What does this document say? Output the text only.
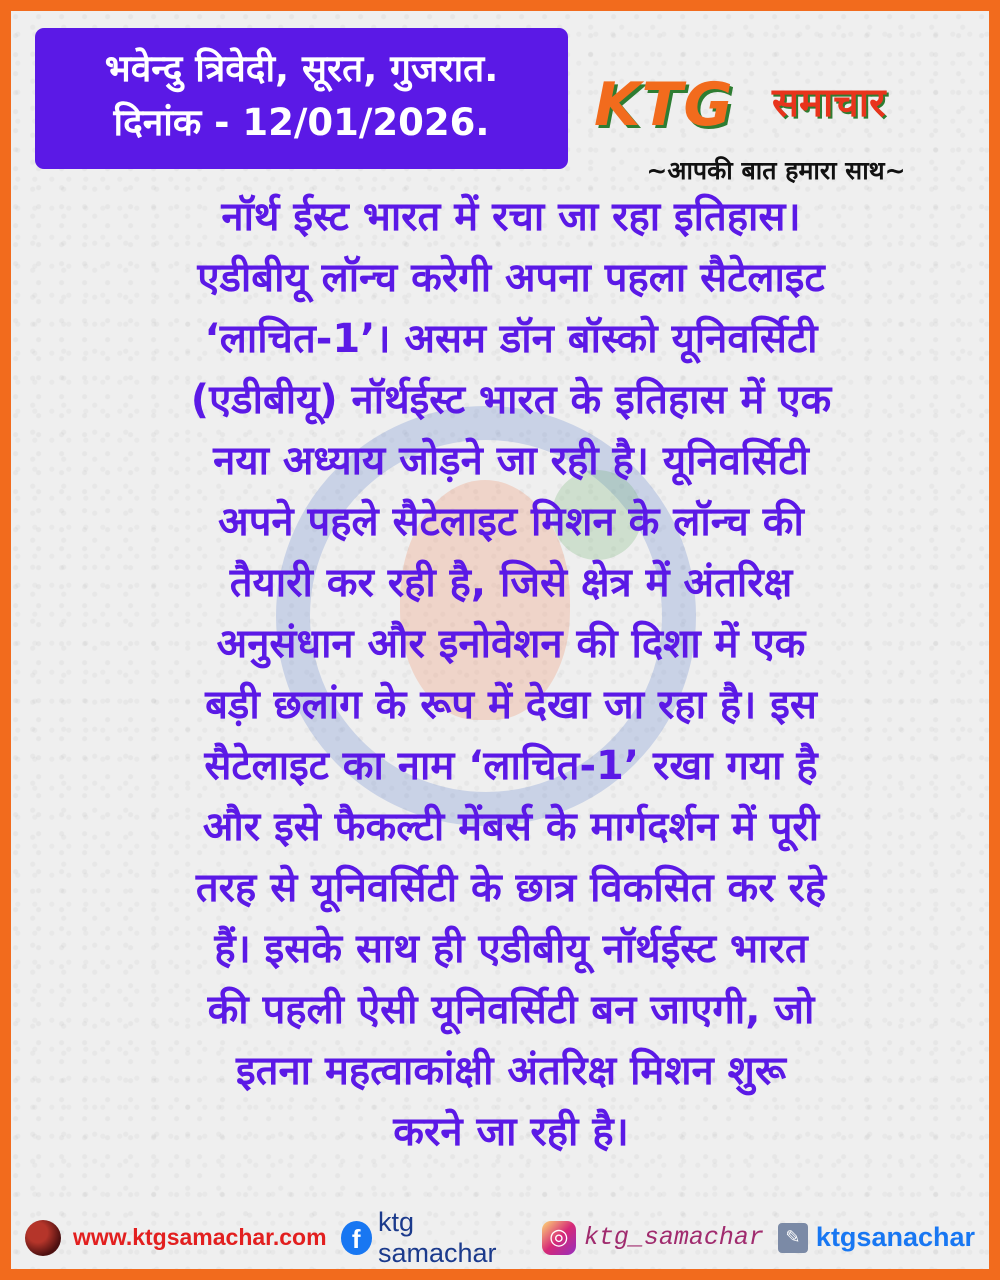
भवेन्दु त्रिवेदी, सूरत, गुजरात.
दिनांक - 12/01/2026.	KTG समाचार
~आपकी बात हमारा साथ~
नॉर्थ ईस्ट भारत में रचा जा रहा इतिहास।
एडीबीयू लॉन्च करेगी अपना पहला सैटेलाइट
‘लाचित-1’। असम डॉन बॉस्को यूनिवर्सिटी
(एडीबीयू) नॉर्थईस्ट भारत के इतिहास में एक
नया अध्याय जोड़ने जा रही है। यूनिवर्सिटी
अपने पहले सैटेलाइट मिशन के लॉन्च की
तैयारी कर रही है, जिसे क्षेत्र में अंतरिक्ष
अनुसंधान और इनोवेशन की दिशा में एक
बड़ी छलांग के रूप में देखा जा रहा है। इस
सैटेलाइट का नाम ‘लाचित-1’ रखा गया है
और इसे फैकल्टी मेंबर्स के मार्गदर्शन में पूरी
तरह से यूनिवर्सिटी के छात्र विकसित कर रहे
हैं। इसके साथ ही एडीबीयू नॉर्थईस्ट भारत
की पहली ऐसी यूनिवर्सिटी बन जाएगी, जो
इतना महत्वाकांक्षी अंतरिक्ष मिशन शुरू
करने जा रही है।
www.ktgsamachar.com f
ktg samachar
◎ ktg_samachar	✎ ktgsanachar
